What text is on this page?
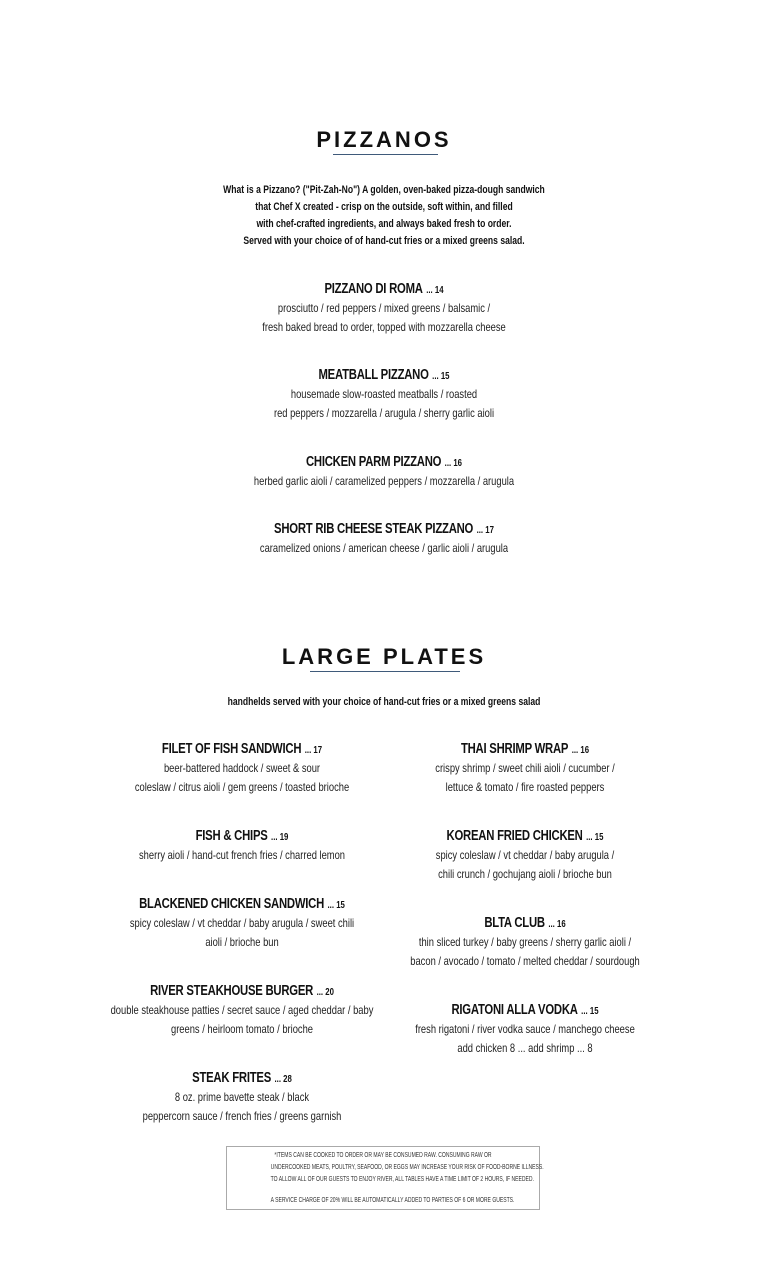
PIZZANOS

What is a Pizzano? ("Pit-Zah-No") A golden, oven-baked pizza-dough sandwich

that Chef X created - crisp on the outside, soft within, and filled

with chef-crafted ingredients, and always baked fresh to order.

Served with your choice of of hand-cut fries or a mixed greens salad.

PIZZANO DI ROMA ... 14

prosciutto / red peppers / mixed greens / balsamic /

fresh baked bread to order, topped with mozzarella cheese

MEATBALL PIZZANO ... 15

housemade slow-roasted meatballs / roasted

red peppers / mozzarella / arugula / sherry garlic aioli

CHICKEN PARM PIZZANO ... 16

herbed garlic aioli / caramelized peppers / mozzarella / arugula

SHORT RIB CHEESE STEAK PIZZANO ... 17

caramelized onions / american cheese / garlic aioli / arugula

LARGE PLATES

handhelds served with your choice of hand-cut fries or a mixed greens salad

FILET OF FISH SANDWICH ... 17

beer-battered haddock / sweet & sour

coleslaw / citrus aioli / gem greens / toasted brioche

FISH & CHIPS ... 19

sherry aioli / hand-cut french fries / charred lemon

BLACKENED CHICKEN SANDWICH ... 15

spicy coleslaw / vt cheddar / baby arugula / sweet chili

aioli / brioche bun

RIVER STEAKHOUSE BURGER ... 20

double steakhouse patties / secret sauce / aged cheddar / baby

greens / heirloom tomato / brioche

STEAK FRITES ... 28

8 oz. prime bavette steak / black

peppercorn sauce / french fries / greens garnish

THAI SHRIMP WRAP ... 16

crispy shrimp / sweet chili aioli / cucumber /

lettuce & tomato / fire roasted peppers

KOREAN FRIED CHICKEN ... 15

spicy coleslaw / vt cheddar / baby arugula /

chili crunch / gochujang aioli / brioche bun

BLTA CLUB ... 16

thin sliced turkey / baby greens / sherry garlic aioli /

bacon / avocado / tomato / melted cheddar / sourdough

RIGATONI ALLA VODKA ... 15

fresh rigatoni / river vodka sauce / manchego cheese

add chicken 8 ... add shrimp ... 8

*ITEMS CAN BE COOKED TO ORDER OR MAY BE CONSUMED RAW. CONSUMING RAW OR

UNDERCOOKED MEATS, POULTRY, SEAFOOD, OR EGGS MAY INCREASE YOUR RISK OF FOOD-BORNE ILLNESS.

TO ALLOW ALL OF OUR GUESTS TO ENJOY RIVER, ALL TABLES HAVE A TIME LIMIT OF 2 HOURS, IF NEEDED.

A SERVICE CHARGE OF 20% WILL BE AUTOMATICALLY ADDED TO PARTIES OF 6 OR MORE GUESTS.
